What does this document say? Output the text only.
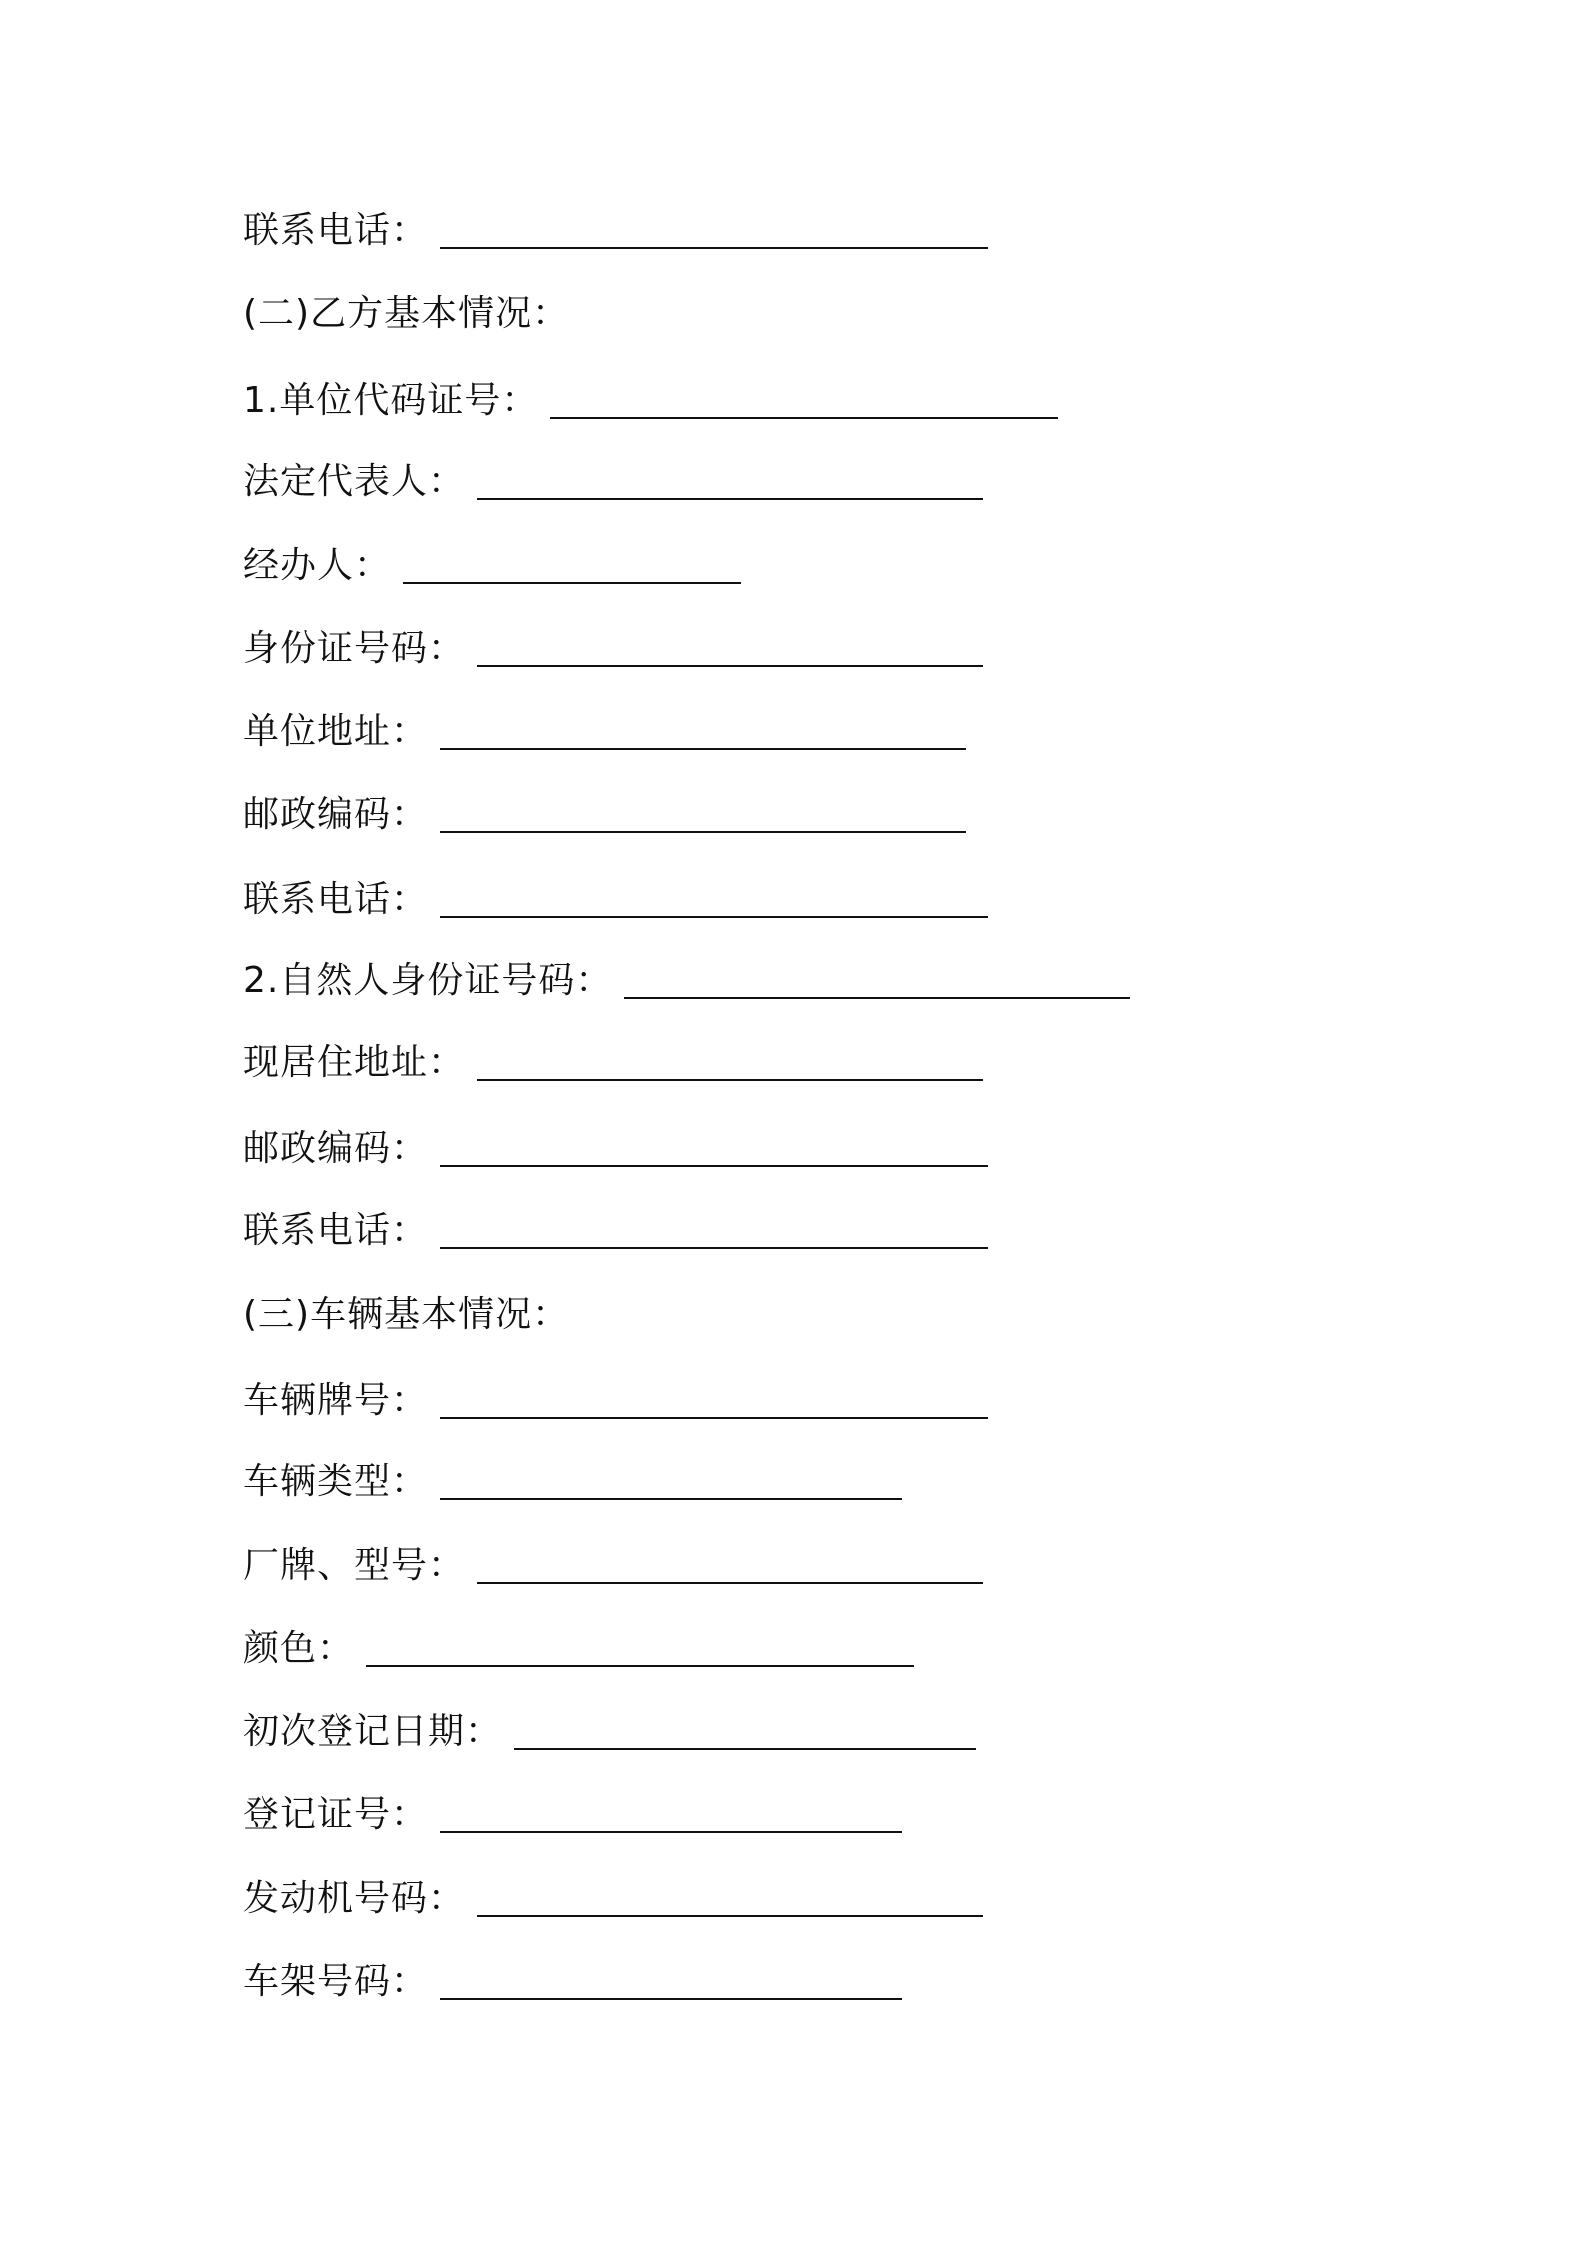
联系电话：
(二)乙方基本情况：
1.单位代码证号：
法定代表人：
经办人：
身份证号码：
单位地址：
邮政编码：
联系电话：
2.自然人身份证号码：
现居住地址：
邮政编码：
联系电话：
(三)车辆基本情况：
车辆牌号：
车辆类型：
厂牌、型号：
颜色：
初次登记日期：
登记证号：
发动机号码：
车架号码：
